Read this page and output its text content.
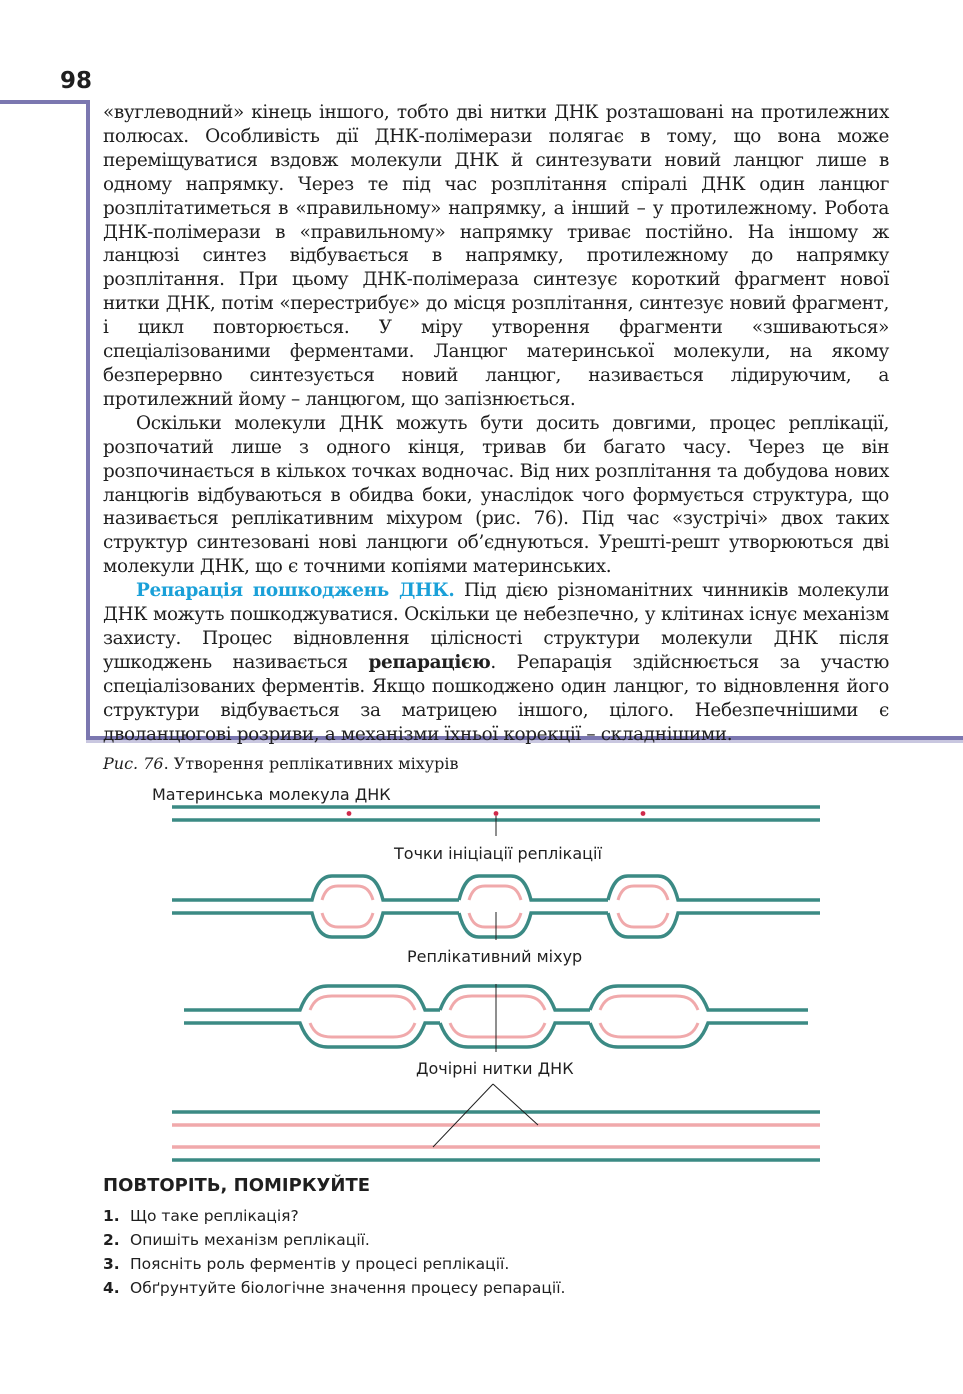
98

«вуглеводний» кінець іншого, тобто дві нитки ДНК розташовані на протилежних полюсах. Особливість дії ДНК-полімерази полягає в тому, що вона може переміщуватися вздовж молекули ДНК й синтезувати новий ланцюг лише в одному напрямку. Через те під час розплітання спіралі ДНК один ланцюг розплітатиметься в «правильному» напрямку, а інший – у протилежному. Робота ДНК-полімерази в «правильному» напрямку триває постійно. На іншому ж ланцюзі синтез відбувається в напрямку, протилежному до напрямку розплітання. При цьому ДНК-полімераза синтезує короткий фрагмент нової нитки ДНК, потім «перестрибує» до місця розплітання, синтезує новий фрагмент, і цикл повторюється. У міру утворення фрагменти «зшиваються» спеціалізованими ферментами. Ланцюг материнської молекули, на якому безперервно синтезується новий ланцюг, називається лідируючим, а протилежний йому – ланцюгом, що запізнюється.

Оскільки молекули ДНК можуть бути досить довгими, процес реплікації, розпочатий лише з одного кінця, тривав би багато часу. Через це він розпочинається в кількох точках водночас. Від них розплітання та добудова нових ланцюгів відбуваються в обидва боки, унаслідок чого формується структура, що називається реплікативним міхуром (рис. 76). Під час «зустрічі» двох таких структур синтезовані нові ланцюги об’єднуються. Урешті-решт утворюються дві молекули ДНК, що є точними копіями материнських.

Репарація пошкоджень ДНК. Під дією різноманітних чинників молекули ДНК можуть пошкоджуватися. Оскільки це небезпечно, у клітинах існує механізм захисту. Процес відновлення цілісності структури молекули ДНК після ушкоджень називається репарацією. Репарація здійснюється за участю спеціалізованих ферментів. Якщо пошкоджено один ланцюг, то відновлення його структури відбувається за матрицею іншого, цілого. Небезпечнішими є дволанцюгові розриви, а механізми їхньої корекції – складнішими.

Рис. 76. Утворення реплікативних міхурів
Материнська молекула ДНК
Точки ініціації реплікації
Реплікативний міхур
Дочірні нитки ДНК
ПОВТОРІТЬ, ПОМІРКУЙТЕ
1. Що таке реплікація?
2. Опишіть механізм реплікації.
3. Поясніть роль ферментів у процесі реплікації.
4. Обґрунтуйте біологічне значення процесу репарації.
